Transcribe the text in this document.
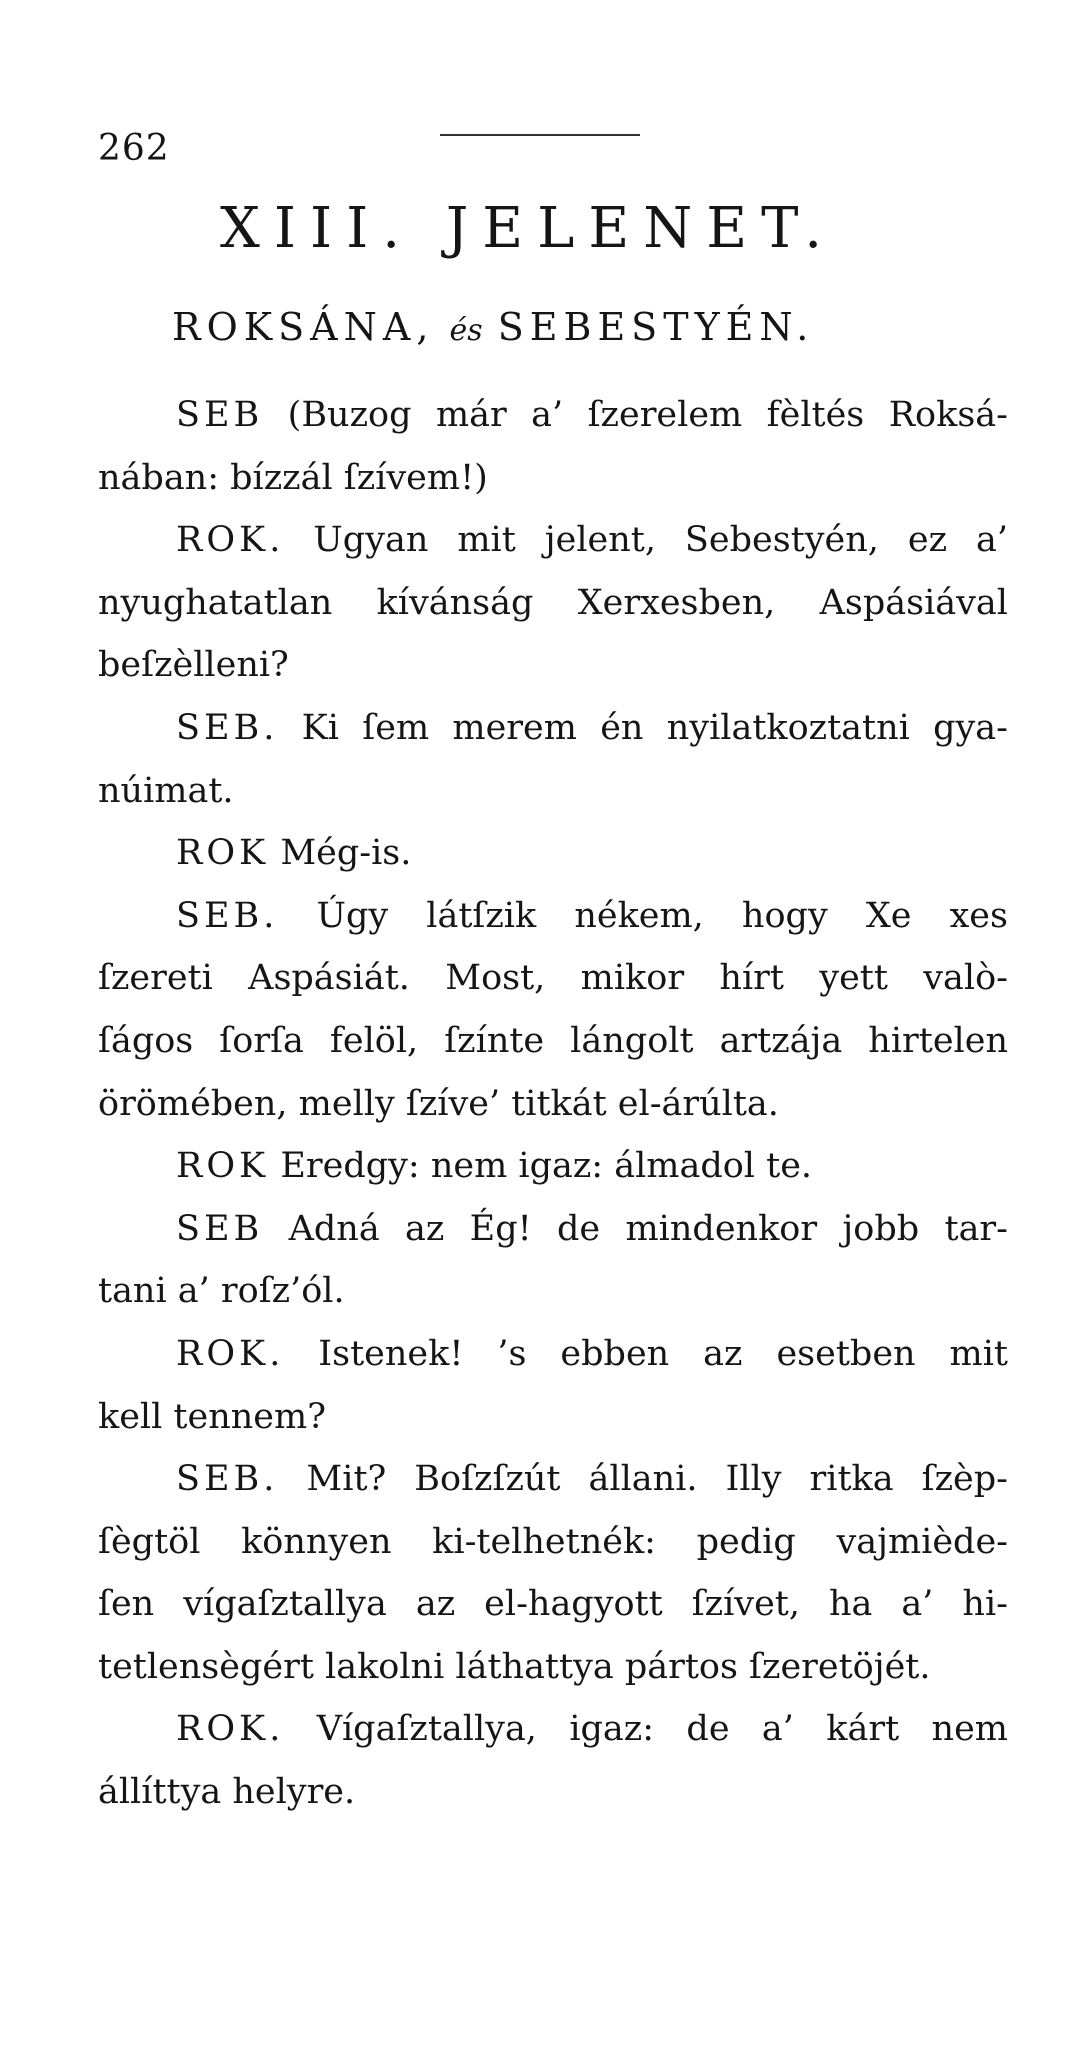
262
XIII. JELENET.
ROKSÁNA, és SEBESTYÉN.
SEB (Buzog már a’ ſzerelem fèltés Roksá-
nában: bízzál ſzívem!)
ROK. Ugyan mit jelent, Sebestyén, ez a’
nyughatatlan kívánság Xerxesben, Aspásiával
beſzèlleni?
SEB. Ki ſem merem én nyilatkoztatni gya-
núimat.
ROK Még-is.
SEB. Úgy látſzik nékem, hogy Xe xes
ſzereti Aspásiát. Most, mikor hírt yett valò-
ſágos ſorſa felöl, ſzínte lángolt artzája hirtelen
örömében, melly ſzíve’ titkát el-árúlta.
ROK Eredgy: nem igaz: álmadol te.
SEB Adná az Ég! de mindenkor jobb tar-
tani a’ roſz’ól.
ROK. Istenek! ’s ebben az esetben mit
kell tennem?
SEB. Mit? Boſzſzút állani. Illy ritka ſzèp-
ſègtöl könnyen ki-telhetnék: pedig vajmiède-
ſen vígaſztallya az el-hagyott ſzívet, ha a’ hi-
tetlensègért lakolni láthattya pártos ſzeretöjét.
ROK. Vígaſztallya, igaz: de a’ kárt nem
állíttya helyre.
